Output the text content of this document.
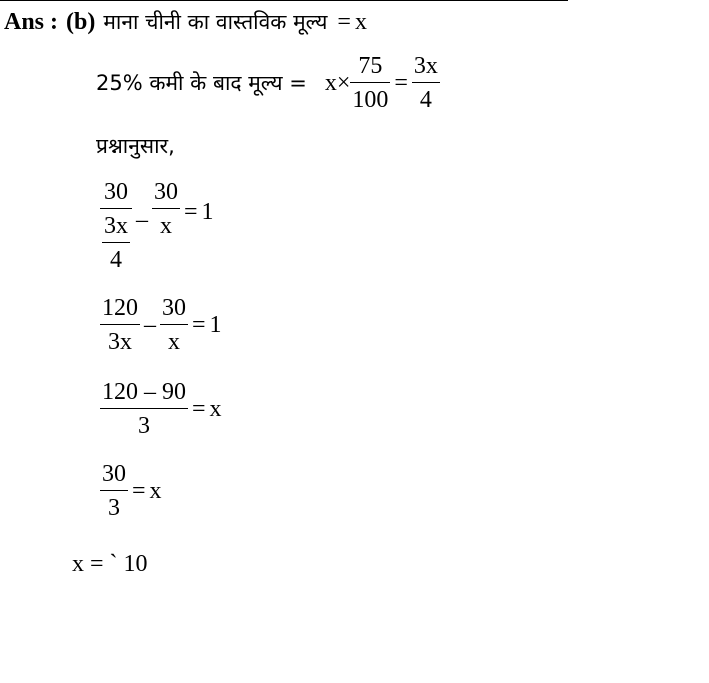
Ans : (b) माना चीनी का वास्तविक मूल्य = x
25% कमी के बाद मूल्य = $x \times \frac{75}{100} = \frac{3x}{4}$
प्रश्नानुसार,
$\frac{30}{\frac{3x}{4}} - \frac{30}{x} = 1$
$\frac{120}{3x} - \frac{30}{x} = 1$
$\frac{120 - 90}{3} = x$
$\frac{30}{3} = x$
x = ` 10
